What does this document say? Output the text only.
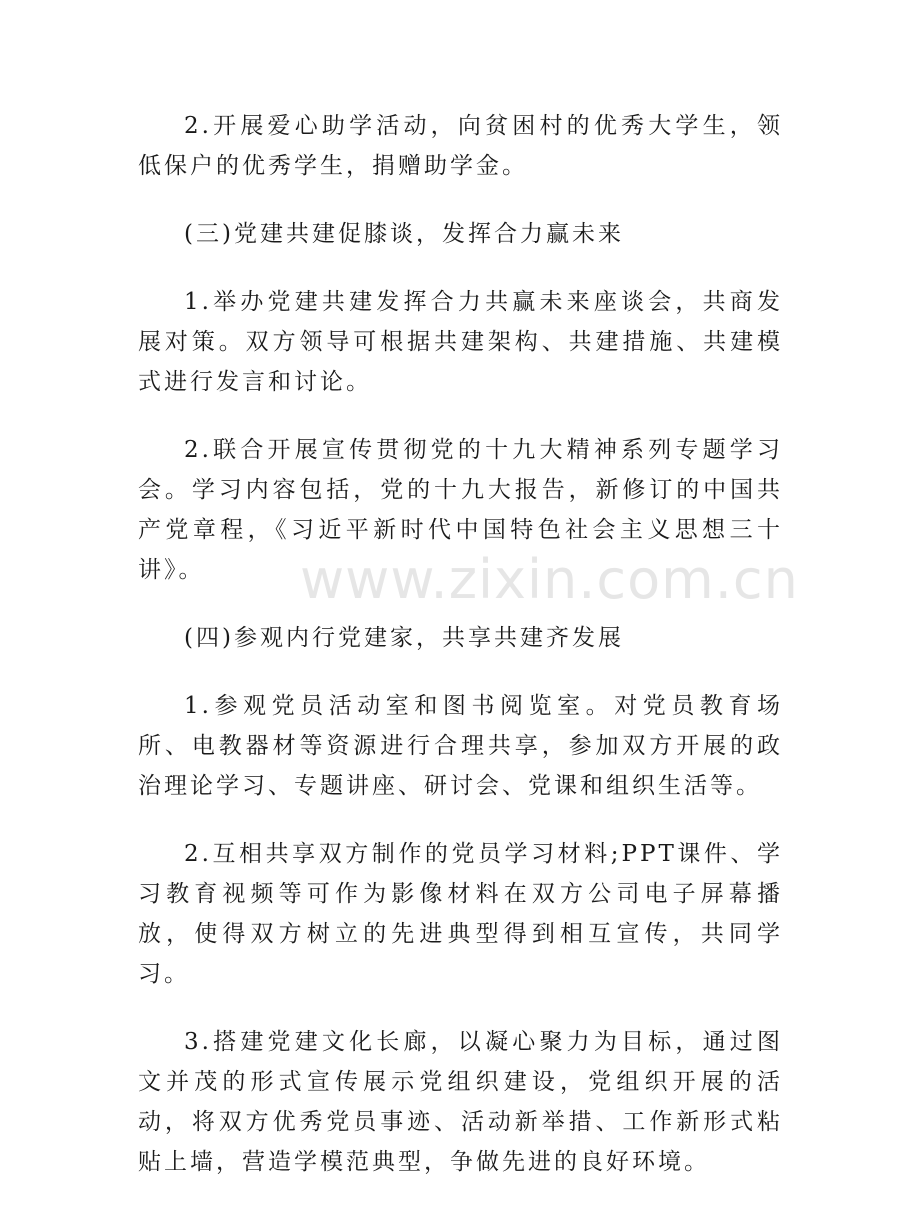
www.zixin.com.cn

2.开展爱心助学活动，向贫困村的优秀大学生，领低保户的优秀学生，捐赠助学金。

(三)党建共建促膝谈，发挥合力赢未来

1.举办党建共建发挥合力共赢未来座谈会，共商发展对策。双方领导可根据共建架构、共建措施、共建模式进行发言和讨论。

2.联合开展宣传贯彻党的十九大精神系列专题学习会。学习内容包括，党的十九大报告，新修订的中国共产党章程，《习近平新时代中国特色社会主义思想三十讲》。

(四)参观内行党建家，共享共建齐发展

1.参观党员活动室和图书阅览室。对党员教育场所、电教器材等资源进行合理共享，参加双方开展的政治理论学习、专题讲座、研讨会、党课和组织生活等。

2.互相共享双方制作的党员学习材料;PPT课件、学习教育视频等可作为影像材料在双方公司电子屏幕播放，使得双方树立的先进典型得到相互宣传，共同学习。

3.搭建党建文化长廊，以凝心聚力为目标，通过图文并茂的形式宣传展示党组织建设，党组织开展的活动，将双方优秀党员事迹、活动新举措、工作新形式粘贴上墙，营造学模范典型，争做先进的良好环境。
